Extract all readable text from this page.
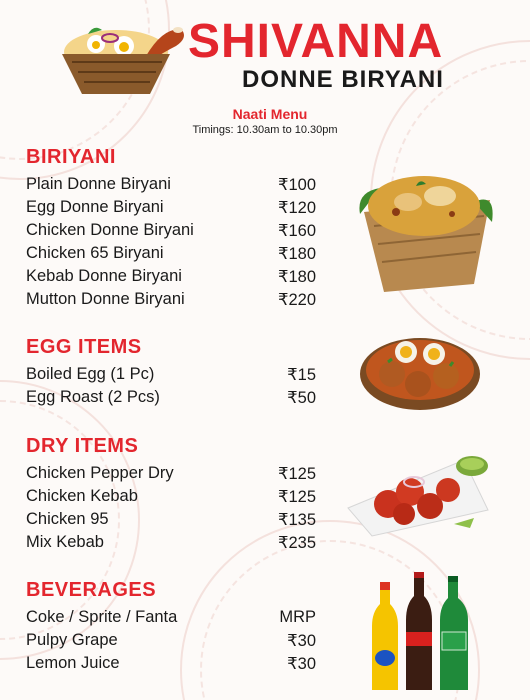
SHIVANNA
DONNE BIRYANI
Naati Menu
Timings: 10.30am to 10.30pm
BIRIYANI
Plain Donne Biryani	₹100
Egg Donne Biryani	₹120
Chicken Donne Biryani	₹160
Chicken 65 Biryani	₹180
Kebab Donne Biryani	₹180
Mutton Donne Biryani	₹220
EGG ITEMS
Boiled Egg (1 Pc)	₹15
Egg Roast (2 Pcs)	₹50
DRY ITEMS
Chicken Pepper Dry	₹125
Chicken Kebab	₹125
Chicken 95	₹135
Mix Kebab	₹235
BEVERAGES
Coke / Sprite / Fanta	MRP
Pulpy Grape	₹30
Lemon Juice	₹30
